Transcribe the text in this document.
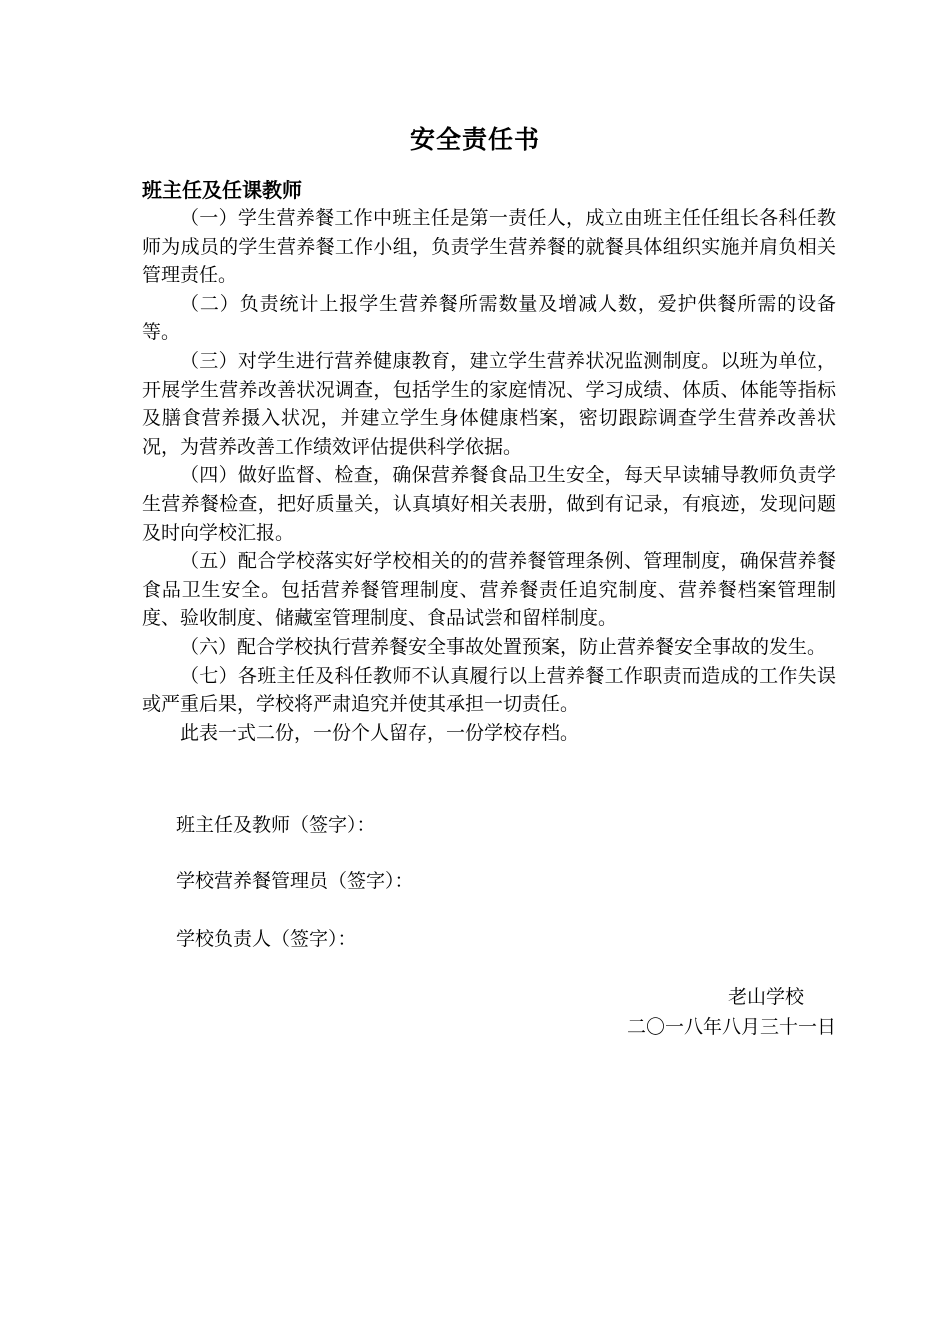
安全责任书
班主任及任课教师

（一）学生营养餐工作中班主任是第一责任人，成立由班主任任组长各科任教师为成员的学生营养餐工作小组，负责学生营养餐的就餐具体组织实施并肩负相关管理责任。

（二）负责统计上报学生营养餐所需数量及增减人数，爱护供餐所需的设备等。

（三）对学生进行营养健康教育，建立学生营养状况监测制度。以班为单位，开展学生营养改善状况调查，包括学生的家庭情况、学习成绩、体质、体能等指标及膳食营养摄入状况，并建立学生身体健康档案，密切跟踪调查学生营养改善状况，为营养改善工作绩效评估提供科学依据。

（四）做好监督、检查，确保营养餐食品卫生安全，每天早读辅导教师负责学生营养餐检查，把好质量关，认真填好相关表册，做到有记录，有痕迹，发现问题及时向学校汇报。

（五）配合学校落实好学校相关的的营养餐管理条例、管理制度，确保营养餐食品卫生安全。包括营养餐管理制度、营养餐责任追究制度、营养餐档案管理制度、验收制度、储藏室管理制度、食品试尝和留样制度。

（六）配合学校执行营养餐安全事故处置预案，防止营养餐安全事故的发生。

（七）各班主任及科任教师不认真履行以上营养餐工作职责而造成的工作失误或严重后果，学校将严肃追究并使其承担一切责任。

此表一式二份，一份个人留存，一份学校存档。

班主任及教师（签字）：
学校营养餐管理员（签字）：
学校负责人（签字）：
老山学校
二〇一八年八月三十一日
